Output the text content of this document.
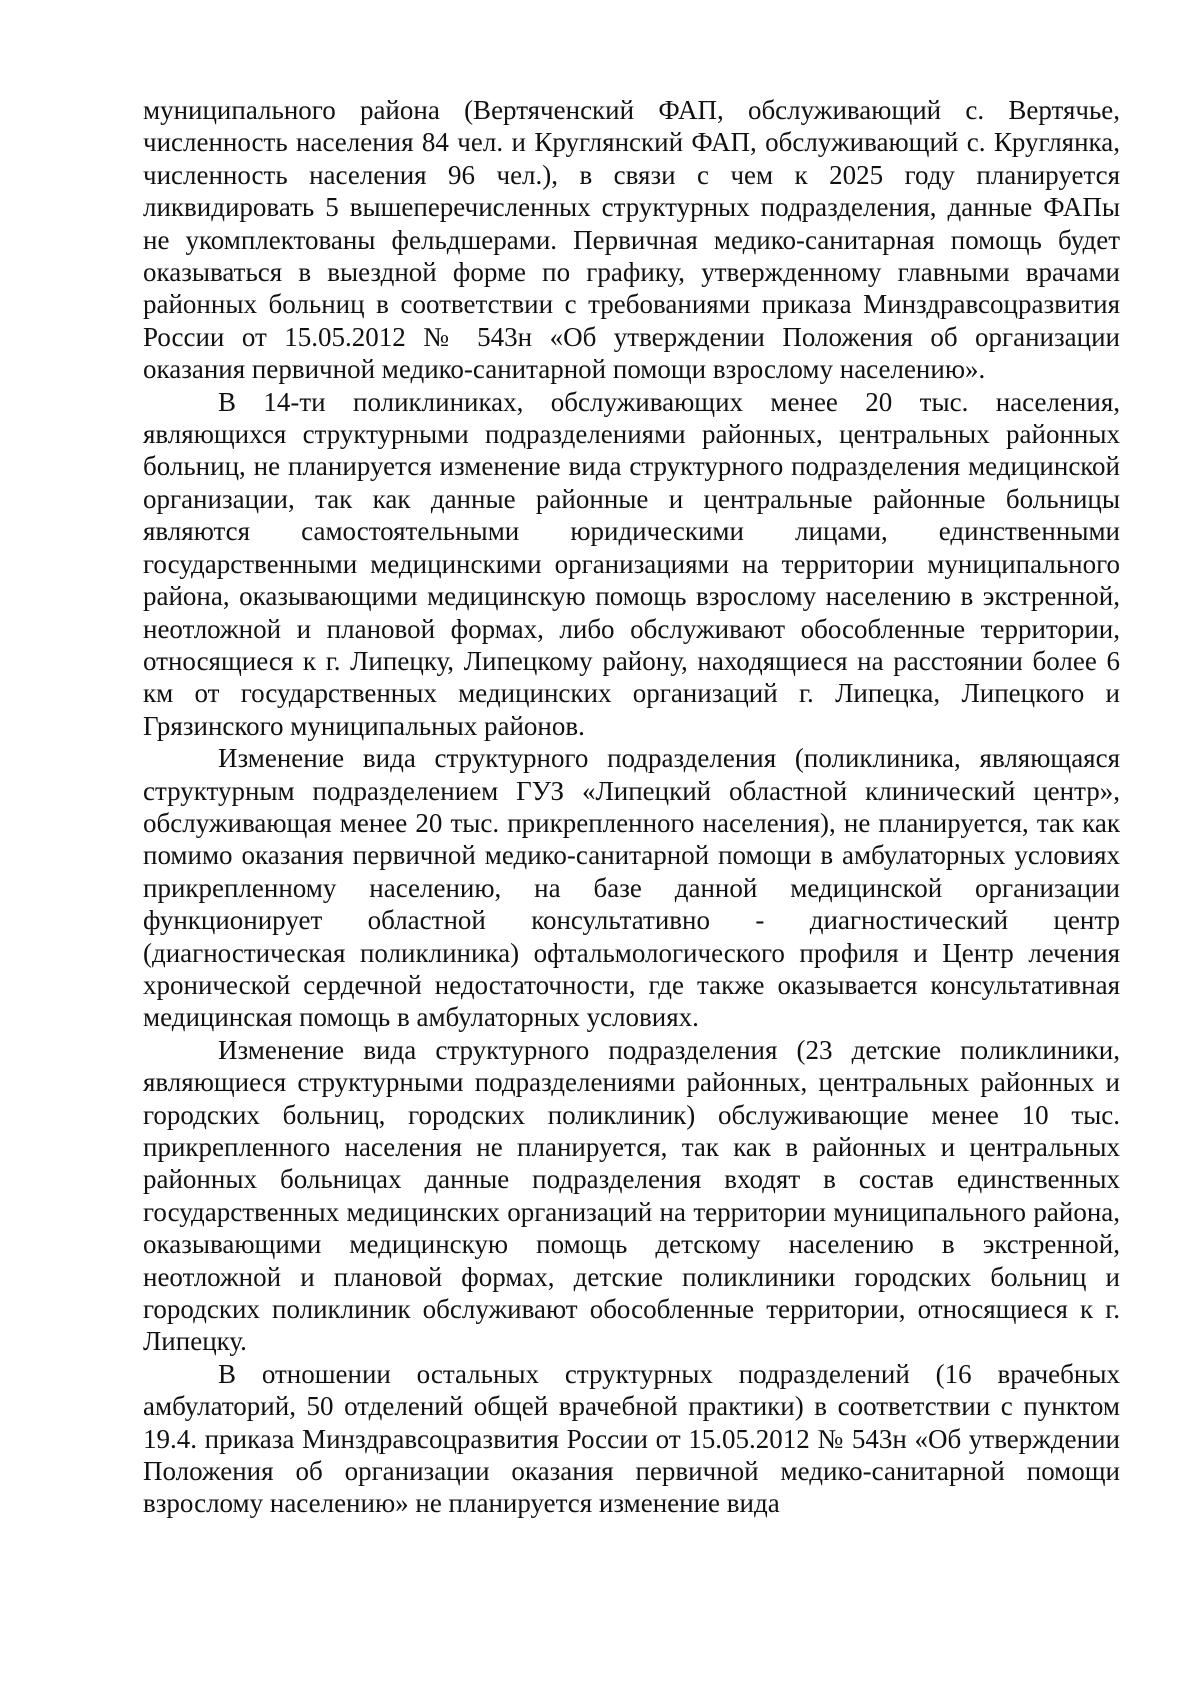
муниципального района (Вертяченский ФАП, обслуживающий с. Вертячье, численность населения 84 чел. и Круглянский ФАП, обслуживающий с. Круглянка, численность населения 96 чел.), в связи с чем к 2025 году планируется ликвидировать 5 вышеперечисленных структурных подразделения, данные ФАПы не укомплектованы фельдшерами. Первичная медико-санитарная помощь будет оказываться в выездной форме по графику, утвержденному главными врачами районных больниц в соответствии с требованиями приказа Минздравсоцразвития России от 15.05.2012 № 543н «Об утверждении Положения об организации оказания первичной медико-санитарной помощи взрослому населению».

В 14-ти поликлиниках, обслуживающих менее 20 тыс. населения, являющихся структурными подразделениями районных, центральных районных больниц, не планируется изменение вида структурного подразделения медицинской организации, так как данные районные и центральные районные больницы являются самостоятельными юридическими лицами, единственными государственными медицинскими организациями на территории муниципального района, оказывающими медицинскую помощь взрослому населению в экстренной, неотложной и плановой формах, либо обслуживают обособленные территории, относящиеся к г. Липецку, Липецкому району, находящиеся на расстоянии более 6 км от государственных медицинских организаций г. Липецка, Липецкого и Грязинского муниципальных районов.

Изменение вида структурного подразделения (поликлиника, являющаяся структурным подразделением ГУЗ «Липецкий областной клинический центр», обслуживающая менее 20 тыс. прикрепленного населения), не планируется, так как помимо оказания первичной медико-санитарной помощи в амбулаторных условиях прикрепленному населению, на базе данной медицинской организации функционирует областной консультативно - диагностический центр (диагностическая поликлиника) офтальмологического профиля и Центр лечения хронической сердечной недостаточности, где также оказывается консультативная медицинская помощь в амбулаторных условиях.

Изменение вида структурного подразделения (23 детские поликлиники, являющиеся структурными подразделениями районных, центральных районных и городских больниц, городских поликлиник) обслуживающие менее 10 тыс. прикрепленного населения не планируется, так как в районных и центральных районных больницах данные подразделения входят в состав единственных государственных медицинских организаций на территории муниципального района, оказывающими медицинскую помощь детскому населению в экстренной, неотложной и плановой формах, детские поликлиники городских больниц и городских поликлиник обслуживают обособленные территории, относящиеся к г. Липецку.

В отношении остальных структурных подразделений (16 врачебных амбулаторий, 50 отделений общей врачебной практики) в соответствии с пунктом 19.4. приказа Минздравсоцразвития России от 15.05.2012 № 543н «Об утверждении Положения об организации оказания первичной медико-санитарной помощи взрослому населению» не планируется изменение вида
